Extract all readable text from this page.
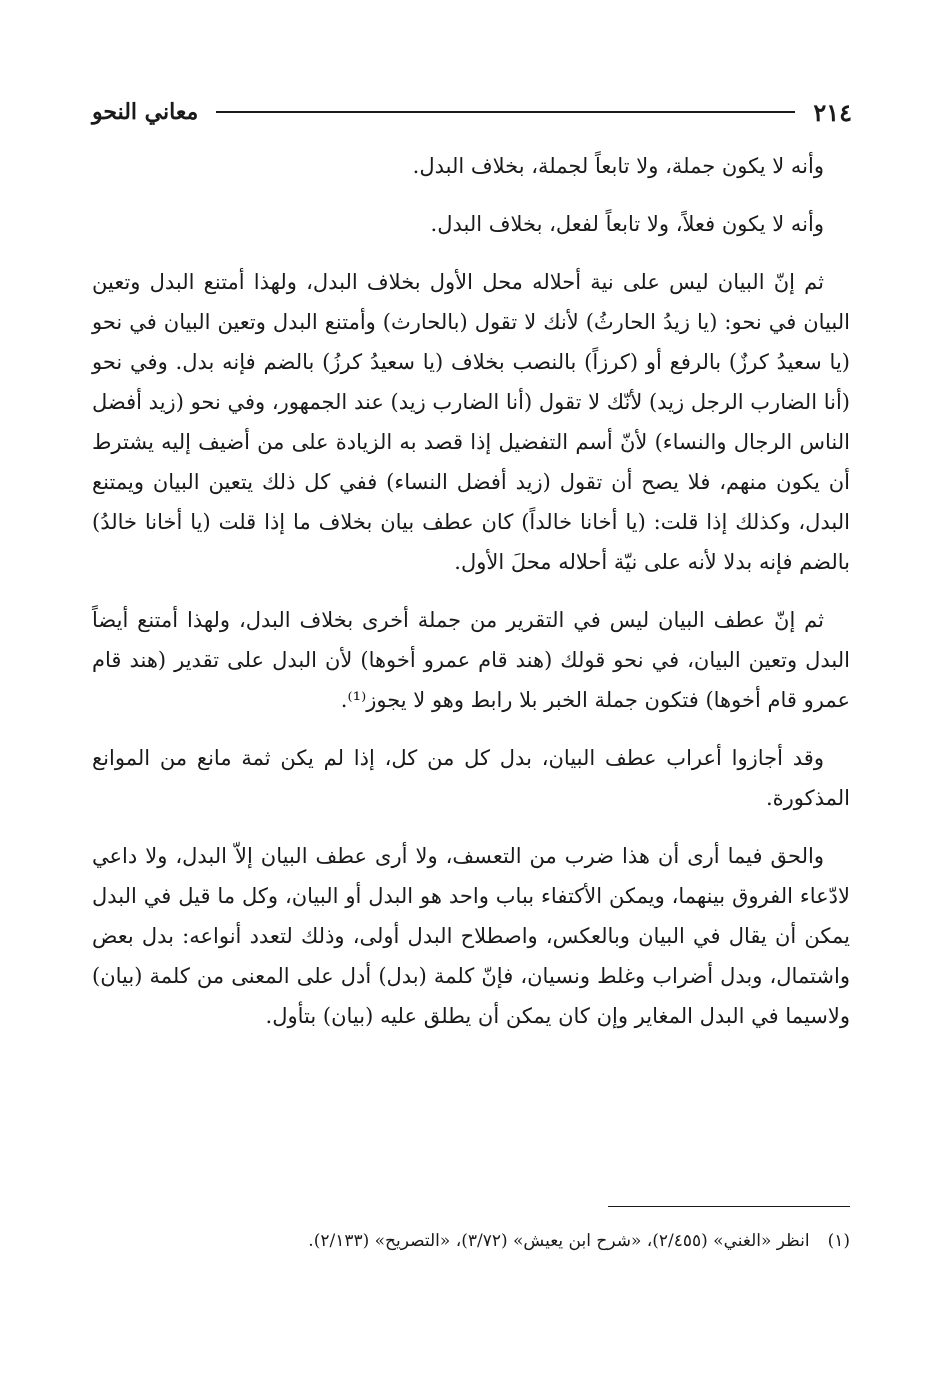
٢١٤
معاني النحو

وأنه لا يكون جملة، ولا تابعاً لجملة، بخلاف البدل.

وأنه لا يكون فعلاً، ولا تابعاً لفعل، بخلاف البدل.

ثم إنّ البيان ليس على نية أحلاله محل الأول بخلاف البدل، ولهذا أمتنع البدل وتعين البيان في نحو: (يا زيدُ الحارثُ) لأنك لا تقول (بالحارث) وأمتنع البدل وتعين البيان في نحو (يا سعيدُ كرزٌ) بالرفع أو (كرزاً) بالنصب بخلاف (يا سعيدُ كرزُ) بالضم فإنه بدل. وفي نحو (أنا الضارب الرجل زيد) لأنّك لا تقول (أنا الضارب زيد) عند الجمهور، وفي نحو (زيد أفضل الناس الرجال والنساء) لأنّ أسم التفضيل إذا قصد به الزيادة على من أضيف إليه يشترط أن يكون منهم، فلا يصح أن تقول (زيد أفضل النساء) ففي كل ذلك يتعين البيان ويمتنع البدل، وكذلك إذا قلت: (يا أخانا خالداً) كان عطف بيان بخلاف ما إذا قلت (يا أخانا خالدُ) بالضم فإنه بدلا لأنه على نيّة أحلاله محلَ الأول.

ثم إنّ عطف البيان ليس في التقرير من جملة أخرى بخلاف البدل، ولهذا أمتنع أيضاً البدل وتعين البيان، في نحو قولك (هند قام عمرو أخوها) لأن البدل على تقدير (هند قام عمرو قام أخوها) فتكون جملة الخبر بلا رابط وهو لا يجوز⁽¹⁾.

وقد أجازوا أعراب عطف البيان، بدل كل من كل، إذا لم يكن ثمة مانع من الموانع المذكورة.

والحق فيما أرى أن هذا ضرب من التعسف، ولا أرى عطف البيان إلاّ البدل، ولا داعي لادّعاء الفروق بينهما، ويمكن الأكتفاء بباب واحد هو البدل أو البيان، وكل ما قيل في البدل يمكن أن يقال في البيان وبالعكس، واصطلاح البدل أولى، وذلك لتعدد أنواعه: بدل بعض واشتمال، وبدل أضراب وغلط ونسيان، فإنّ كلمة (بدل) أدل على المعنى من كلمة (بيان) ولاسيما في البدل المغاير وإن كان يمكن أن يطلق عليه (بيان) بتأول.

(١)
انظر «الغني» (٢/٤٥٥)، «شرح ابن يعيش» (٣/٧٢)، «التصريح» (٢/١٣٣).
